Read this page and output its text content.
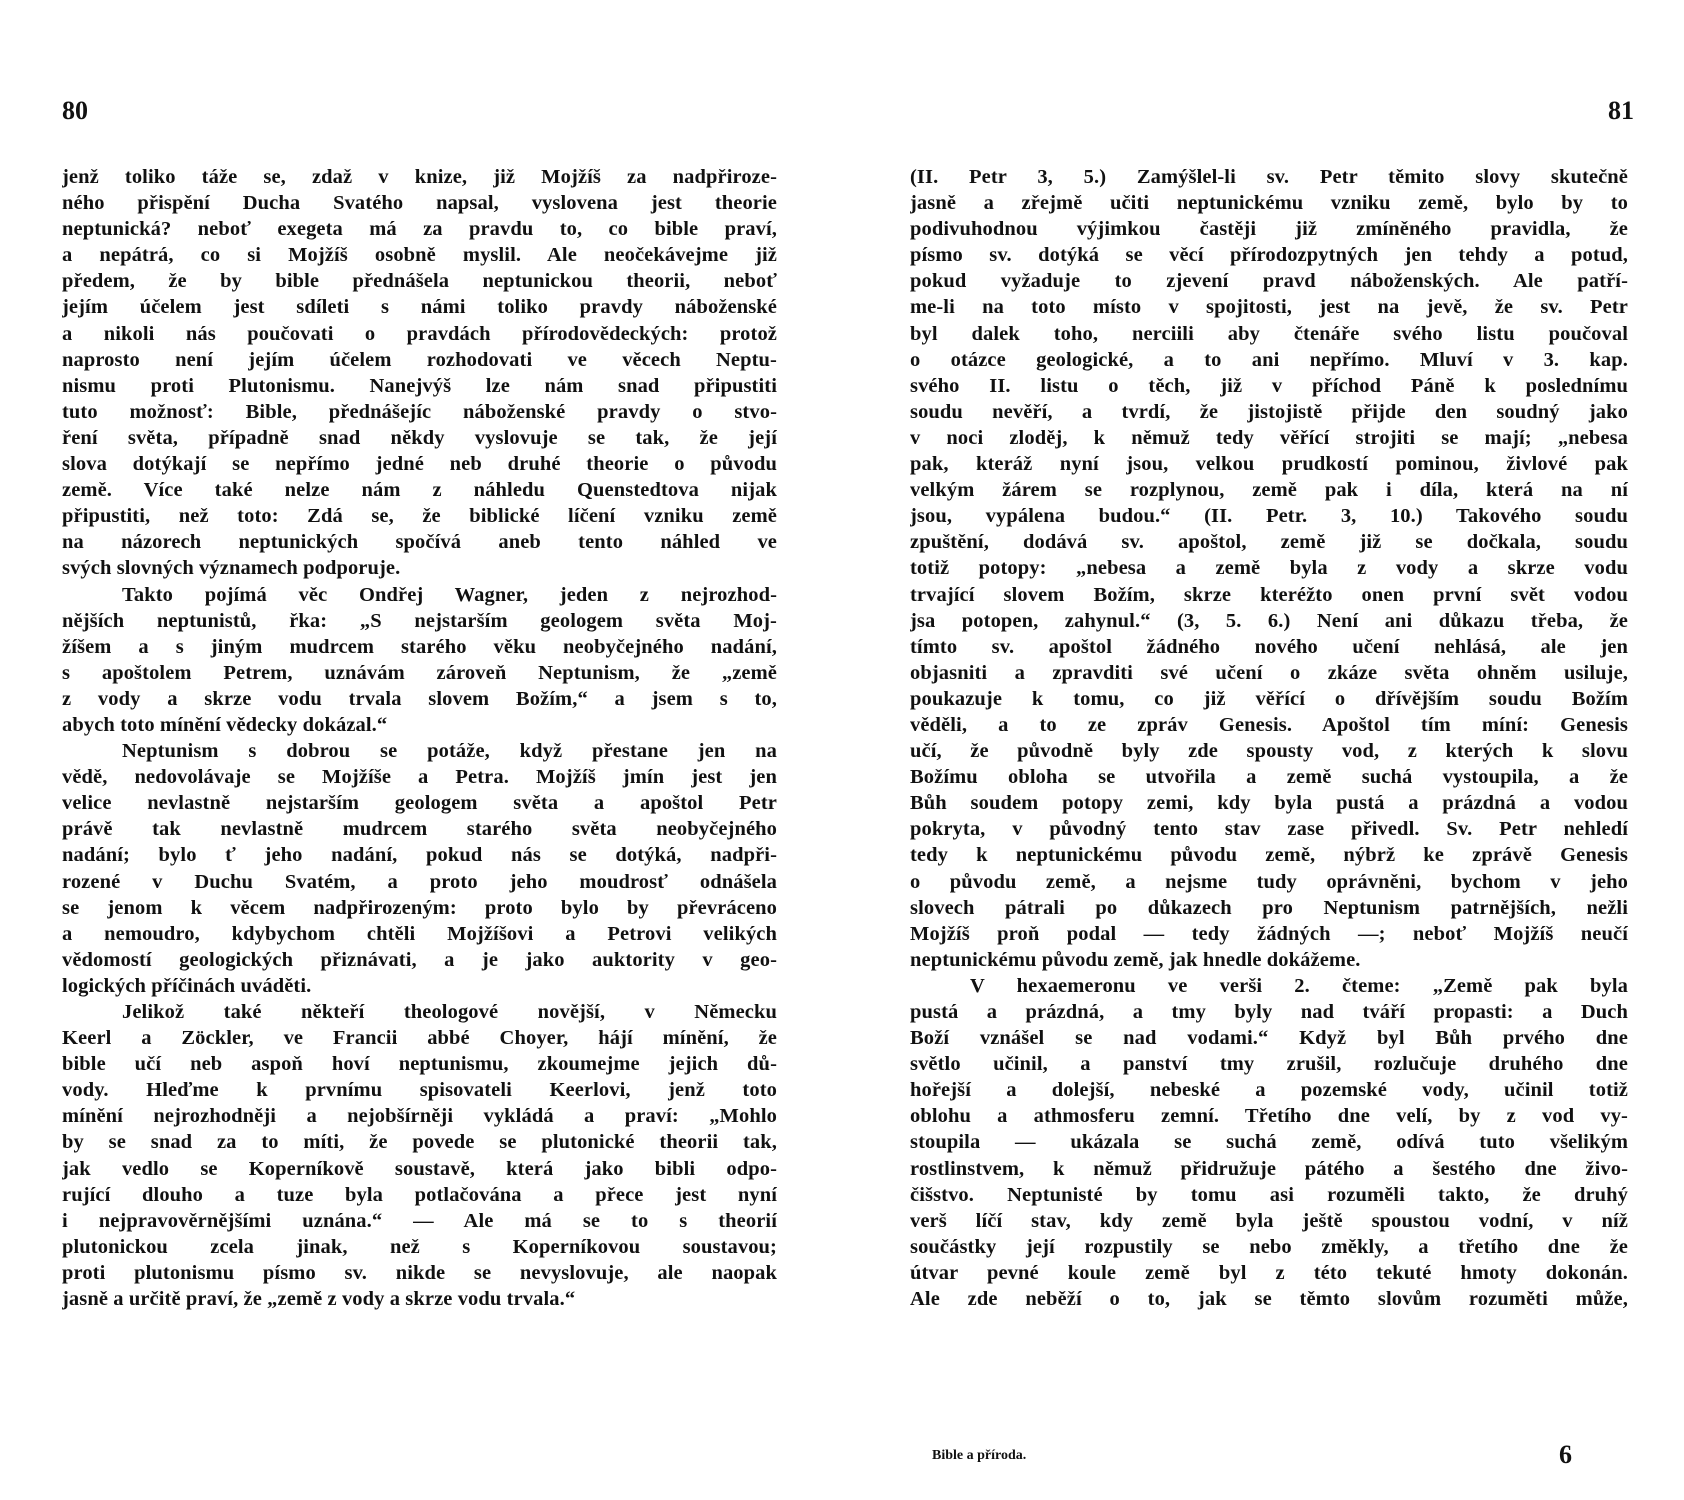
80
jenž toliko táže se, zdaž v knize, již Mojžíš za nadpřiroze-
ného přispění Ducha Svatého napsal, vyslovena jest theorie
neptunická? neboť exegeta má za pravdu to, co bible praví,
a nepátrá, co si Mojžíš osobně myslil. Ale neočekávejme již
předem, že by bible přednášela neptunickou theorii, neboť
jejím účelem jest sdíleti s námi toliko pravdy náboženské
a nikoli nás poučovati o pravdách přírodovědeckých: protož
naprosto není jejím účelem rozhodovati ve věcech Neptu-
nismu proti Plutonismu. Nanejvýš lze nám snad připustiti
tuto možnosť: Bible, přednášejíc náboženské pravdy o stvo-
ření světa, případně snad někdy vyslovuje se tak, že její
slova dotýkají se nepřímo jedné neb druhé theorie o původu
země. Více také nelze nám z náhledu Quenstedtova nijak
připustiti, než toto: Zdá se, že biblické líčení vzniku země
na názorech neptunických spočívá aneb tento náhled ve
svých slovných významech podporuje.
Takto pojímá věc Ondřej Wagner, jeden z nejrozhod-
nějších neptunistů, řka: „S nejstarším geologem světa Moj-
žíšem a s jiným mudrcem starého věku neobyčejného nadání,
s apoštolem Petrem, uznávám zároveň Neptunism, že „země
z vody a skrze vodu trvala slovem Božím,“ a jsem s to,
abych toto mínění vědecky dokázal.“
Neptunism s dobrou se potáže, když přestane jen na
vědě, nedovolávaje se Mojžíše a Petra. Mojžíš jmín jest jen
velice nevlastně nejstarším geologem světa a apoštol Petr
právě tak nevlastně mudrcem starého světa neobyčejného
nadání; bylo ť jeho nadání, pokud nás se dotýká, nadpři-
rozené v Duchu Svatém, a proto jeho moudrosť odnášela
se jenom k věcem nadpřirozeným: proto bylo by převráceno
a nemoudro, kdybychom chtěli Mojžíšovi a Petrovi velikých
vědomostí geologických přiznávati, a je jako auktority v geo-
logických příčinách uváděti.
Jelikož také někteří theologové novější, v Německu
Keerl a Zöckler, ve Francii abbé Choyer, hájí mínění, že
bible učí neb aspoň hoví neptunismu, zkoumejme jejich dů-
vody. Hleďme k prvnímu spisovateli Keerlovi, jenž toto
mínění nejrozhodněji a nejobšírněji vykládá a praví: „Mohlo
by se snad za to míti, že povede se plutonické theorii tak,
jak vedlo se Koperníkově soustavě, která jako bibli odpo-
rující dlouho a tuze byla potlačována a přece jest nyní
i nejpravověrnějšími uznána.“ — Ale má se to s theorií
plutonickou zcela jinak, než s Koperníkovou soustavou;
proti plutonismu písmo sv. nikde se nevyslovuje, ale naopak
jasně a určitě praví, že „země z vody a skrze vodu trvala.“
81
(II. Petr 3, 5.) Zamýšlel-li sv. Petr těmito slovy skutečně
jasně a zřejmě učiti neptunickému vzniku země, bylo by to
podivuhodnou výjimkou častěji již zmíněného pravidla, že
písmo sv. dotýká se věcí přírodozpytných jen tehdy a potud,
pokud vyžaduje to zjevení pravd náboženských. Ale patří-
me-li na toto místo v spojitosti, jest na jevě, že sv. Petr
byl dalek toho, nerciili aby čtenáře svého listu poučoval
o otázce geologické, a to ani nepřímo. Mluví v 3. kap.
svého II. listu o těch, již v příchod Páně k poslednímu
soudu nevěří, a tvrdí, že jistojistě přijde den soudný jako
v noci zloděj, k němuž tedy věřící strojiti se mají; „nebesa
pak, kteráž nyní jsou, velkou prudkostí pominou, živlové pak
velkým žárem se rozplynou, země pak i díla, která na ní
jsou, vypálena budou.“ (II. Petr. 3, 10.) Takového soudu
zpuštění, dodává sv. apoštol, země již se dočkala, soudu
totiž potopy: „nebesa a země byla z vody a skrze vodu
trvající slovem Božím, skrze kteréžto onen první svět vodou
jsa potopen, zahynul.“ (3, 5. 6.) Není ani důkazu třeba, že
tímto sv. apoštol žádného nového učení nehlásá, ale jen
objasniti a zpravditi své učení o zkáze světa ohněm usiluje,
poukazuje k tomu, co již věřící o dřívějším soudu Božím
věděli, a to ze zpráv Genesis. Apoštol tím míní: Genesis
učí, že původně byly zde spousty vod, z kterých k slovu
Božímu obloha se utvořila a země suchá vystoupila, a že
Bůh soudem potopy zemi, kdy byla pustá a prázdná a vodou
pokryta, v původný tento stav zase přivedl. Sv. Petr nehledí
tedy k neptunickému původu země, nýbrž ke zprávě Genesis
o původu země, a nejsme tudy oprávněni, bychom v jeho
slovech pátrali po důkazech pro Neptunism patrnějších, nežli
Mojžíš proň podal — tedy žádných —; neboť Mojžíš neučí
neptunickému původu země, jak hnedle dokážeme.
V hexaemeronu ve verši 2. čteme: „Země pak byla
pustá a prázdná, a tmy byly nad tváří propasti: a Duch
Boží vznášel se nad vodami.“ Když byl Bůh prvého dne
světlo učinil, a panství tmy zrušil, rozlučuje druhého dne
hořejší a dolejší, nebeské a pozemské vody, učinil totiž
oblohu a athmosferu zemní. Třetího dne velí, by z vod vy-
stoupila — ukázala se suchá země, odívá tuto všelikým
rostlinstvem, k němuž přidružuje pátého a šestého dne živo-
čišstvo. Neptunisté by tomu asi rozuměli takto, že druhý
verš líčí stav, kdy země byla ještě spoustou vodní, v níž
součástky její rozpustily se nebo změkly, a třetího dne že
útvar pevné koule země byl z této tekuté hmoty dokonán.
Ale zde neběží o to, jak se těmto slovům rozuměti může,
Bible a příroda.	6
